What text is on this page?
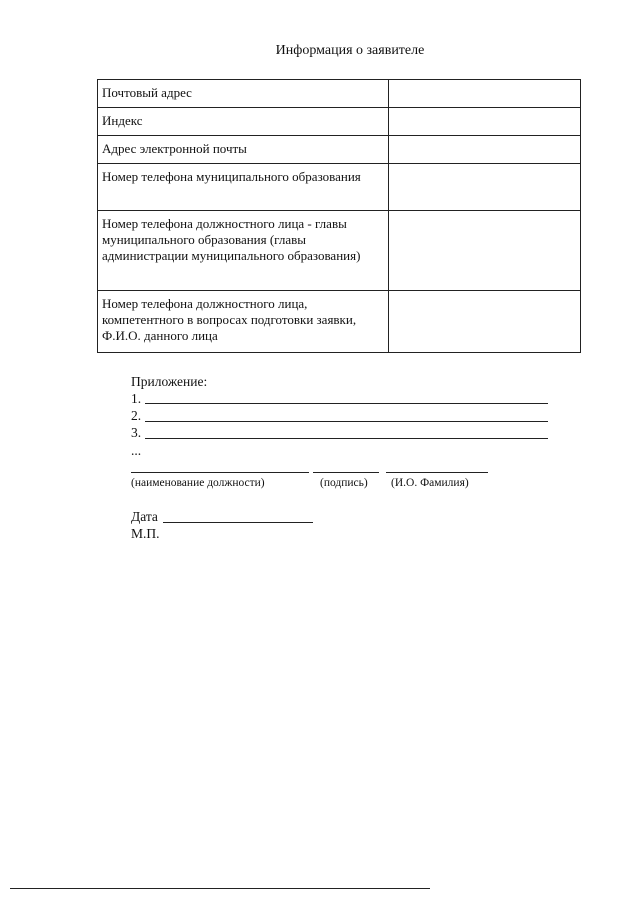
Информация о заявителе
Почтовый адрес	
Индекс	
Адрес электронной почты	
Номер телефона муниципального образования	
Номер телефона должностного лица - главы муниципального образования (главы администрации муниципального образования)	
Номер телефона должностного лица, компетентного в вопросах подготовки заявки, Ф.И.О. данного лица	
Приложение:
1.
2.
3.
...
(наименование должности)	(подпись) (И.О. Фамилия)
Дата
М.П.
